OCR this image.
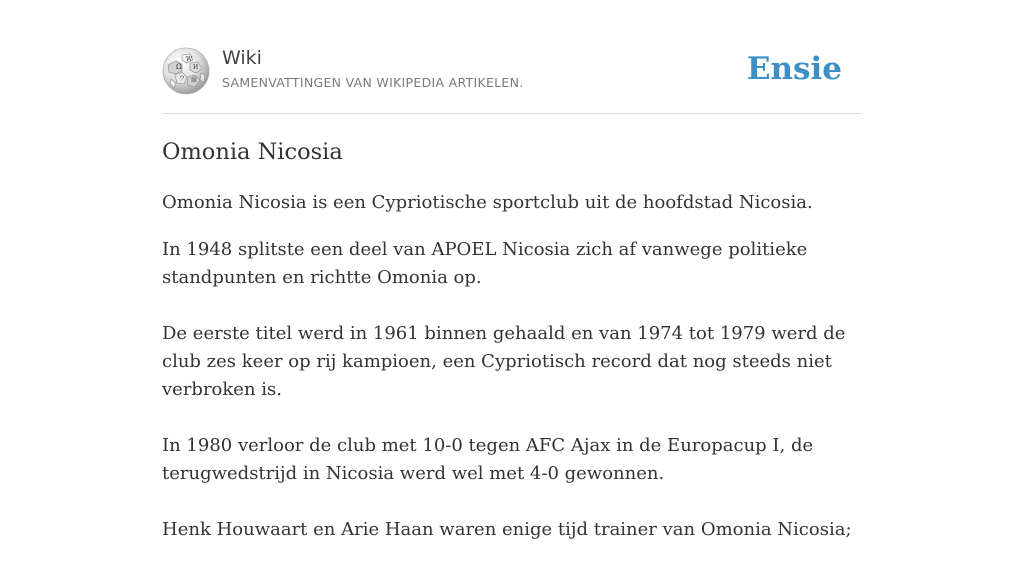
Ω
W
И
ウ 維
Wiki
SAMENVATTINGEN VAN WIKIPEDIA ARTIKELEN.	Ensie
Omonia Nicosia

Omonia Nicosia is een Cypriotische sportclub uit de hoofdstad Nicosia.

In 1948 splitste een deel van APOEL Nicosia zich af vanwege politieke standpunten en richtte Omonia op.

De eerste titel werd in 1961 binnen gehaald en van 1974 tot 1979 werd de club zes keer op rij kampioen, een Cypriotisch record dat nog steeds niet verbroken is.

In 1980 verloor de club met 10-0 tegen AFC Ajax in de Europacup I, de terugwedstrijd in Nicosia werd wel met 4-0 gewonnen.

Henk Houwaart en Arie Haan waren enige tijd trainer van Omonia Nicosia;
